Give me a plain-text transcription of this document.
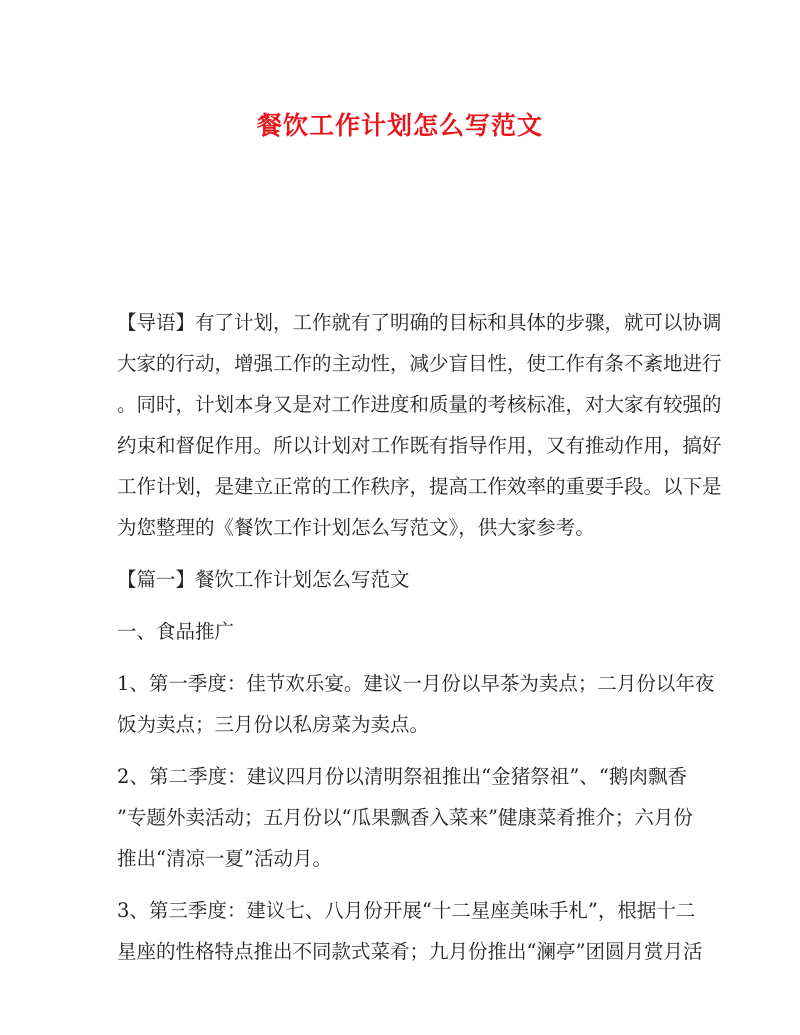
餐饮工作计划怎么写范文
【导语】有了计划，工作就有了明确的目标和具体的步骤，就可以协调
大家的行动，增强工作的主动性，减少盲目性，使工作有条不紊地进行
。同时，计划本身又是对工作进度和质量的考核标准，对大家有较强的
约束和督促作用。所以计划对工作既有指导作用，又有推动作用，搞好
工作计划，是建立正常的工作秩序，提高工作效率的重要手段。以下是
为您整理的《餐饮工作计划怎么写范文》，供大家参考。
【篇一】餐饮工作计划怎么写范文
一、食品推广
1、第一季度：佳节欢乐宴。建议一月份以早茶为卖点；二月份以年夜
饭为卖点；三月份以私房菜为卖点。
2、第二季度：建议四月份以清明祭祖推出“金猪祭祖”、“鹅肉飘香
”专题外卖活动；五月份以“瓜果飘香入菜来”健康菜肴推介；六月份
推出“清凉一夏”活动月。
3、第三季度：建议七、八月份开展“十二星座美味手札”，根据十二
星座的性格特点推出不同款式菜肴；九月份推出“澜亭”团圆月赏月活
